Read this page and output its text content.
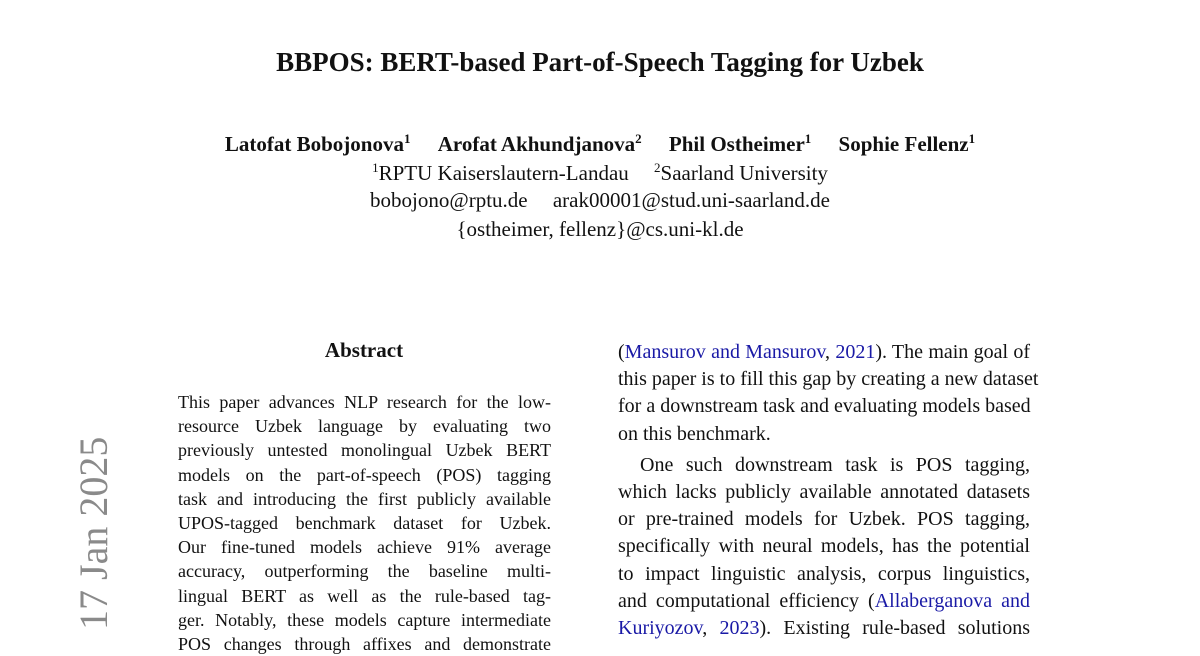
BBPOS: BERT-based Part-of-Speech Tagging for Uzbek
Latofat Bobojonova$^1$ Arofat Akhundjanova$^2$ Phil Ostheimer$^1$ Sophie Fellenz$^1$
$^1$RPTU Kaiserslautern-Landau $^2$Saarland University
bobojono@rptu.de arak00001@stud.uni-saarland.de
{ostheimer, fellenz}@cs.uni-kl.de
17 Jan 2025
Abstract
This paper advances NLP research for the low-
resource Uzbek language by evaluating two
previously untested monolingual Uzbek BERT
models on the part-of-speech (POS) tagging
task and introducing the first publicly available
UPOS-tagged benchmark dataset for Uzbek.
Our fine-tuned models achieve 91% average
accuracy, outperforming the baseline multi-
lingual BERT as well as the rule-based tag-
ger. Notably, these models capture intermediate
POS changes through affixes and demonstrate
(Mansurov and Mansurov, 2021). The main goal of
this paper is to fill this gap by creating a new dataset
for a downstream task and evaluating models based
on this benchmark.
One such downstream task is POS tagging,
which lacks publicly available annotated datasets
or pre-trained models for Uzbek. POS tagging,
specifically with neural models, has the potential
to impact linguistic analysis, corpus linguistics,
and computational efficiency (Allaberganova and
Kuriyozov, 2023). Existing rule-based solutions
